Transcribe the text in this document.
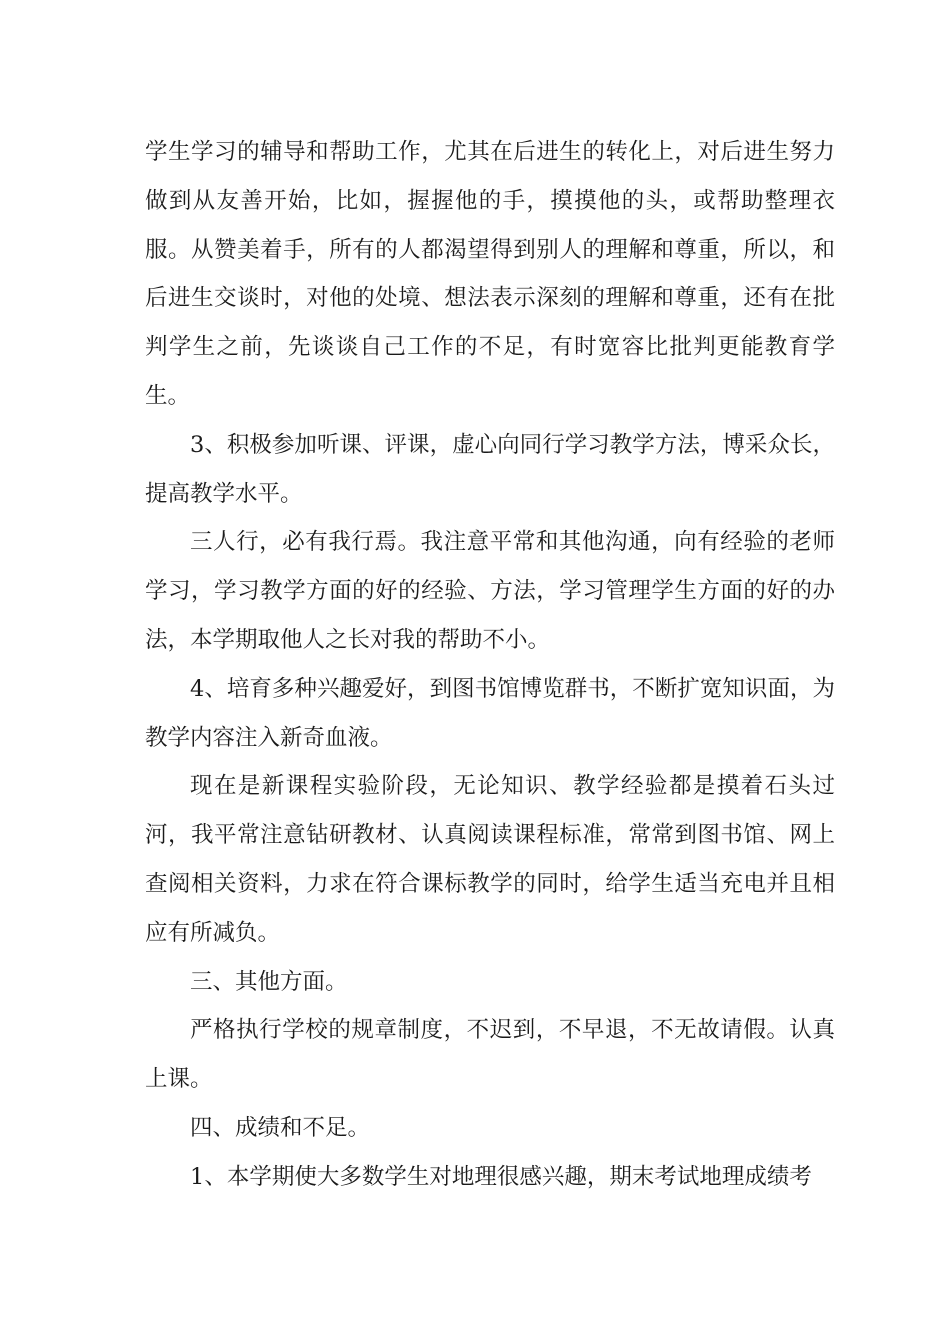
学生学习的辅导和帮助工作，尤其在后进生的转化上，对后进生努力做到从友善开始，比如，握握他的手，摸摸他的头，或帮助整理衣服。从赞美着手，所有的人都渴望得到别人的理解和尊重，所以，和后进生交谈时，对他的处境、想法表示深刻的理解和尊重，还有在批判学生之前，先谈谈自己工作的不足，有时宽容比批判更能教育学生。

3、积极参加听课、评课，虚心向同行学习教学方法，博采众长，提高教学水平。

三人行，必有我行焉。我注意平常和其他沟通，向有经验的老师学习，学习教学方面的好的经验、方法，学习管理学生方面的好的办法，本学期取他人之长对我的帮助不小。

4、培育多种兴趣爱好，到图书馆博览群书，不断扩宽知识面，为教学内容注入新奇血液。

现在是新课程实验阶段，无论知识、教学经验都是摸着石头过河，我平常注意钻研教材、认真阅读课程标准，常常到图书馆、网上查阅相关资料，力求在符合课标教学的同时，给学生适当充电并且相应有所减负。

三、其他方面。

严格执行学校的规章制度，不迟到，不早退，不无故请假。认真上课。

四、成绩和不足。

1、本学期使大多数学生对地理很感兴趣，期末考试地理成绩考
